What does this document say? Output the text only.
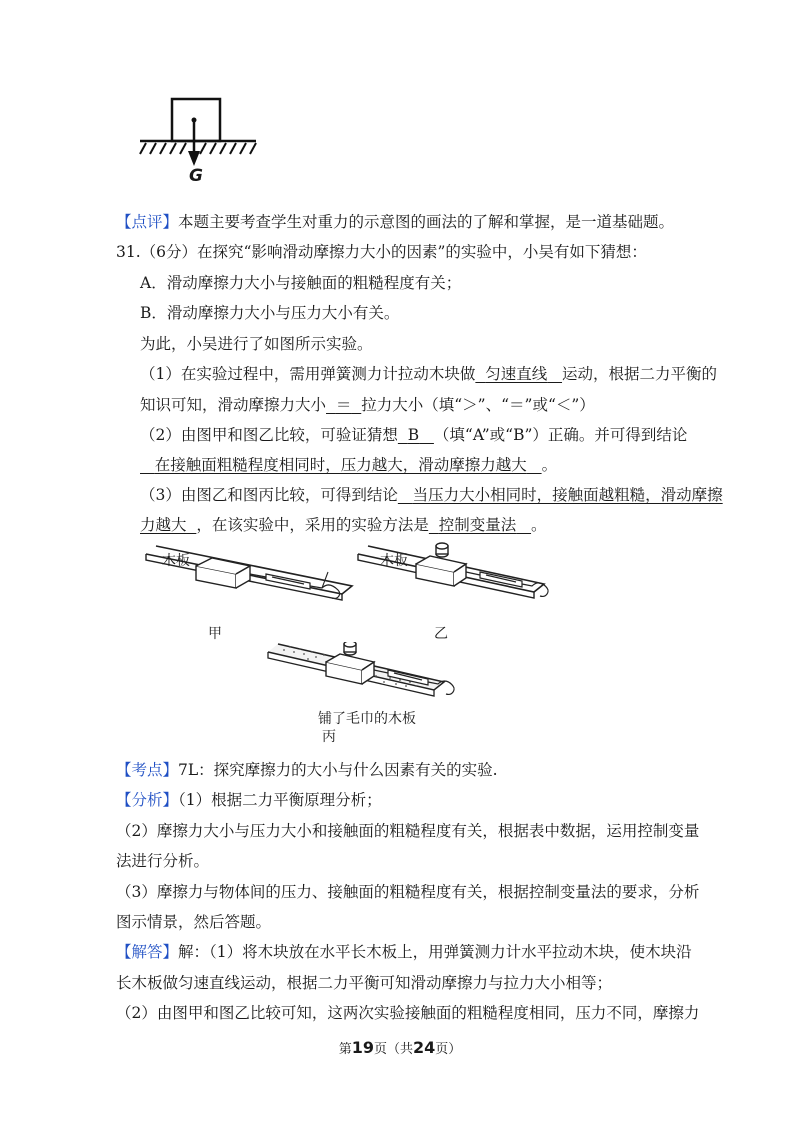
G
【点评】本题主要考查学生对重力的示意图的画法的了解和掌握，是一道基础题。
31.（6分）在探究“影响滑动摩擦力大小的因素”的实验中，小吴有如下猜想：
A．滑动摩擦力大小与接触面的粗糙程度有关；
B．滑动摩擦力大小与压力大小有关。
为此，小吴进行了如图所示实验。
（1）在实验过程中，需用弹簧测力计拉动木块做 匀速直线 运动，根据二力平衡的
知识可知，滑动摩擦力大小 ＝ 拉力大小（填“＞”、“＝”或“＜”）
（2）由图甲和图乙比较，可验证猜想 B （填“A”或“B”）正确。并可得到结论
在接触面粗糙程度相同时，压力越大，滑动摩擦力越大 。
（3）由图乙和图丙比较，可得到结论 当压力大小相同时，接触面越粗糙，滑动摩擦
力越大 ，在该实验中，采用的实验方法是 控制变量法 。
木板
甲
木板
乙
铺了毛巾的木板
丙
【考点】7L：探究摩擦力的大小与什么因素有关的实验.
【分析】（1）根据二力平衡原理分析；
（2）摩擦力大小与压力大小和接触面的粗糙程度有关，根据表中数据，运用控制变量
法进行分析。
（3）摩擦力与物体间的压力、接触面的粗糙程度有关，根据控制变量法的要求，分析
图示情景，然后答题。
【解答】解：（1）将木块放在水平长木板上，用弹簧测力计水平拉动木块，使木块沿
长木板做匀速直线运动，根据二力平衡可知滑动摩擦力与拉力大小相等；
（2）由图甲和图乙比较可知，这两次实验接触面的粗糙程度相同，压力不同，摩擦力
第19页（共24页）
